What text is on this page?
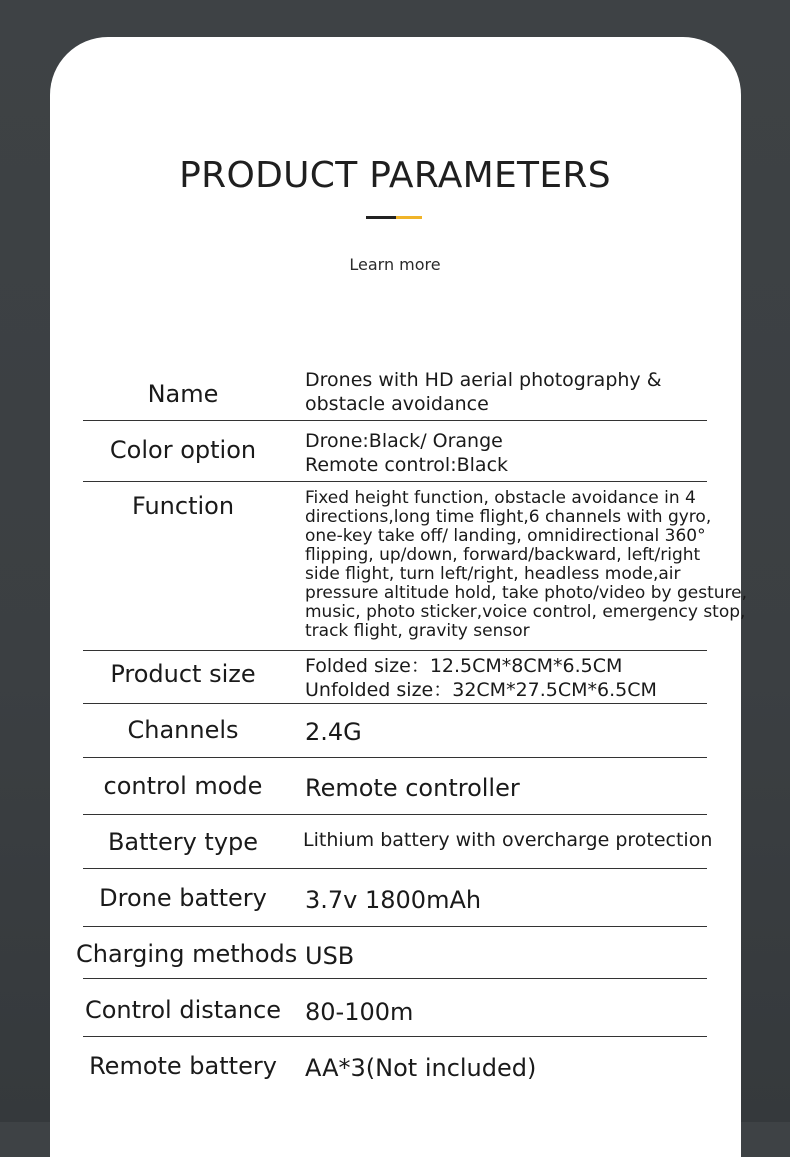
PRODUCT PARAMETERS
Learn more
Name	Drones with HD aerial photography &
obstacle avoidance
Color option	Drone:Black/ Orange
Remote control:Black
Function	Fixed height function, obstacle avoidance in 4
directions,long time flight,6 channels with gyro,
one-key take off/ landing, omnidirectional 360°
flipping, up/down, forward/backward, left/right
side flight, turn left/right, headless mode,air
pressure altitude hold, take photo/video by gesture,
music, photo sticker,voice control, emergency stop,
track flight, gravity sensor
Product size	Folded size：12.5CM*8CM*6.5CM
Unfolded size：32CM*27.5CM*6.5CM
Channels	2.4G
control mode	Remote controller
Battery type	Lithium battery with overcharge protection
Drone battery	3.7v 1800mAh
Charging methods USB
Control distance 80-100m
Remote battery	AA*3(Not included)
